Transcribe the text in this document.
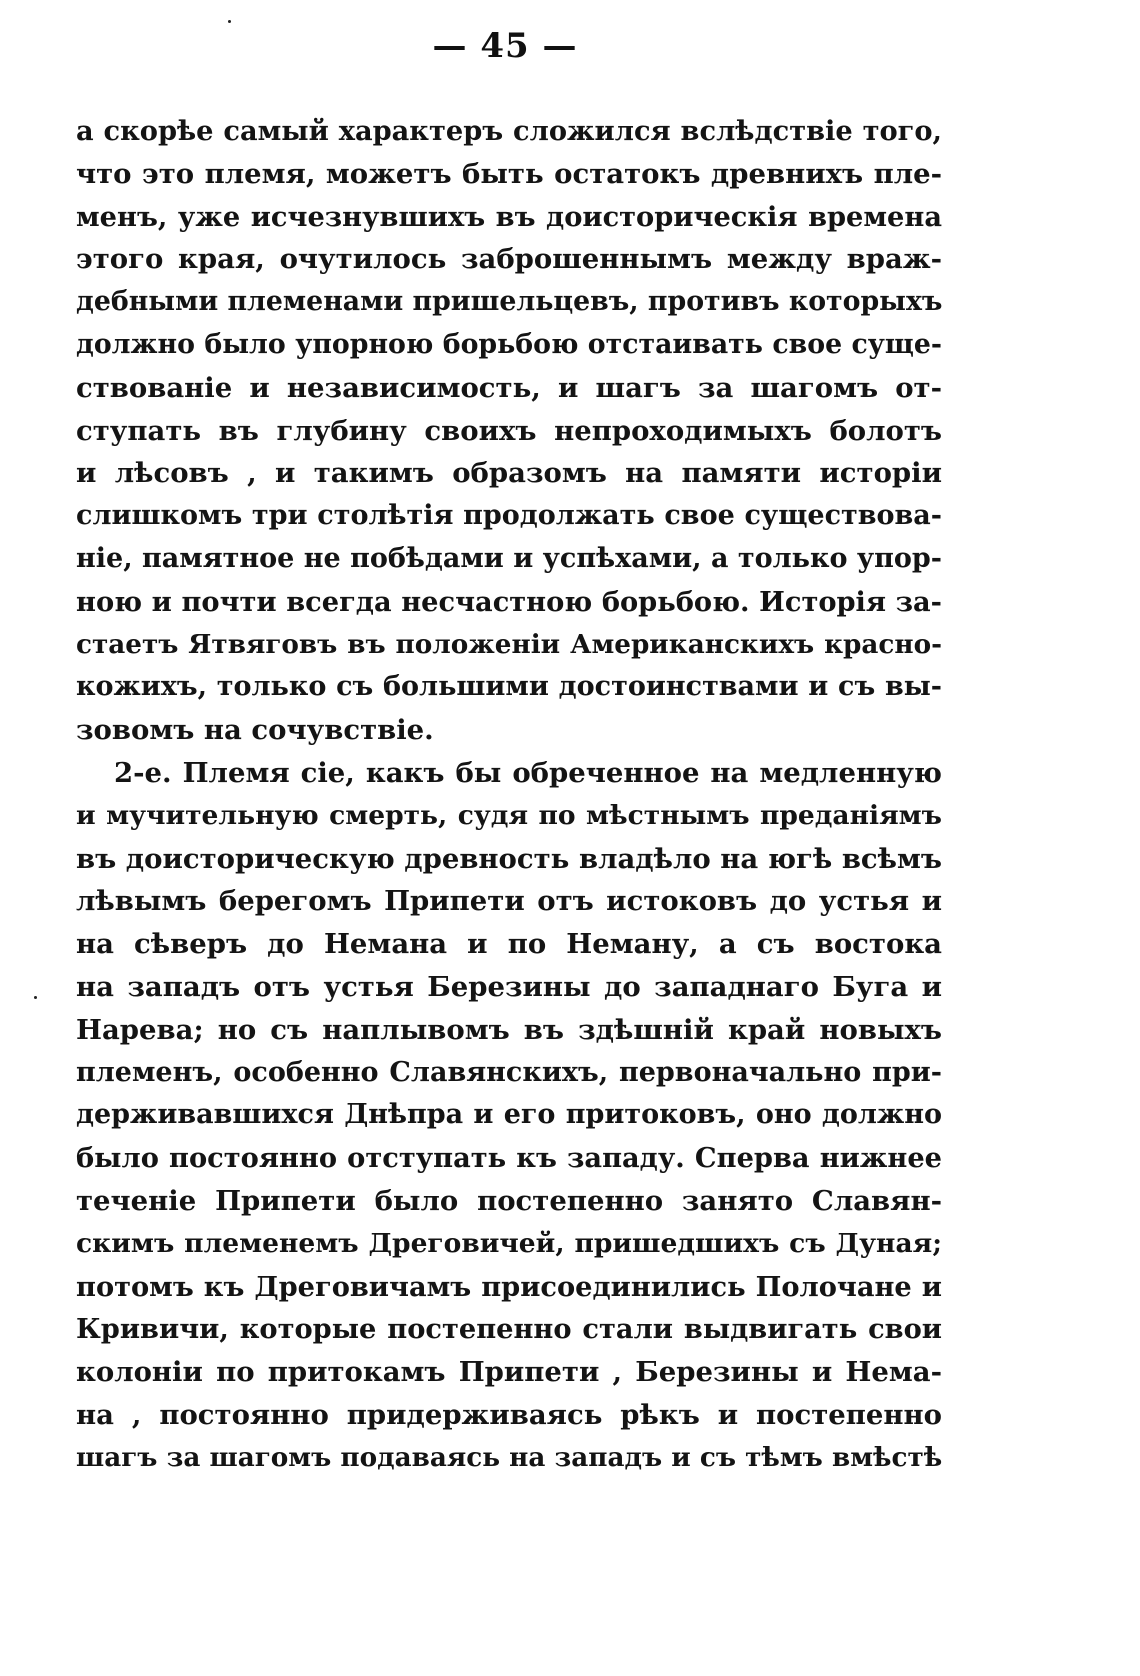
— 45 —
а скорѣе самый характеръ сложился вслѣдствіе того,
что это племя, можетъ быть остатокъ древнихъ пле-
менъ, уже исчезнувшихъ въ доисторическія времена
этого края, очутилось заброшеннымъ между враж-
дебными племенами пришельцевъ, противъ которыхъ
должно было упорною борьбою отстаивать свое суще-
ствованіе и независимость, и шагъ за шагомъ от-
ступать въ глубину своихъ непроходимыхъ болотъ
и лѣсовъ , и такимъ образомъ на памяти исторіи
слишкомъ три столѣтія продолжать свое существова-
ніе, памятное не побѣдами и успѣхами, а только упор-
ною и почти всегда несчастною борьбою. Исторія за-
стаетъ Ятвяговъ въ положеніи Американскихъ красно-
кожихъ, только съ большими достоинствами и съ вы-
зовомъ на сочувствіе.
2-е. Племя сіе, какъ бы обреченное на медленную
и мучительную смерть, судя по мѣстнымъ преданіямъ
въ доисторическую древность владѣло на югѣ всѣмъ
лѣвымъ берегомъ Припети отъ истоковъ до устья и
на сѣверъ до Немана и по Неману, а съ востока
на западъ отъ устья Березины до западнаго Буга и
Нарева; но съ наплывомъ въ здѣшній край новыхъ
племенъ, особенно Славянскихъ, первоначально при-
держивавшихся Днѣпра и его притоковъ, оно должно
было постоянно отступать къ западу. Сперва нижнее
теченіе Припети было постепенно занято Славян-
скимъ племенемъ Дреговичей, пришедшихъ съ Дуная;
потомъ къ Дреговичамъ присоединились Полочане и
Кривичи, которые постепенно стали выдвигать свои
колоніи по притокамъ Припети , Березины и Нема-
на , постоянно придерживаясь рѣкъ и постепенно
шагъ за шагомъ подаваясь на западъ и съ тѣмъ вмѣстѣ
